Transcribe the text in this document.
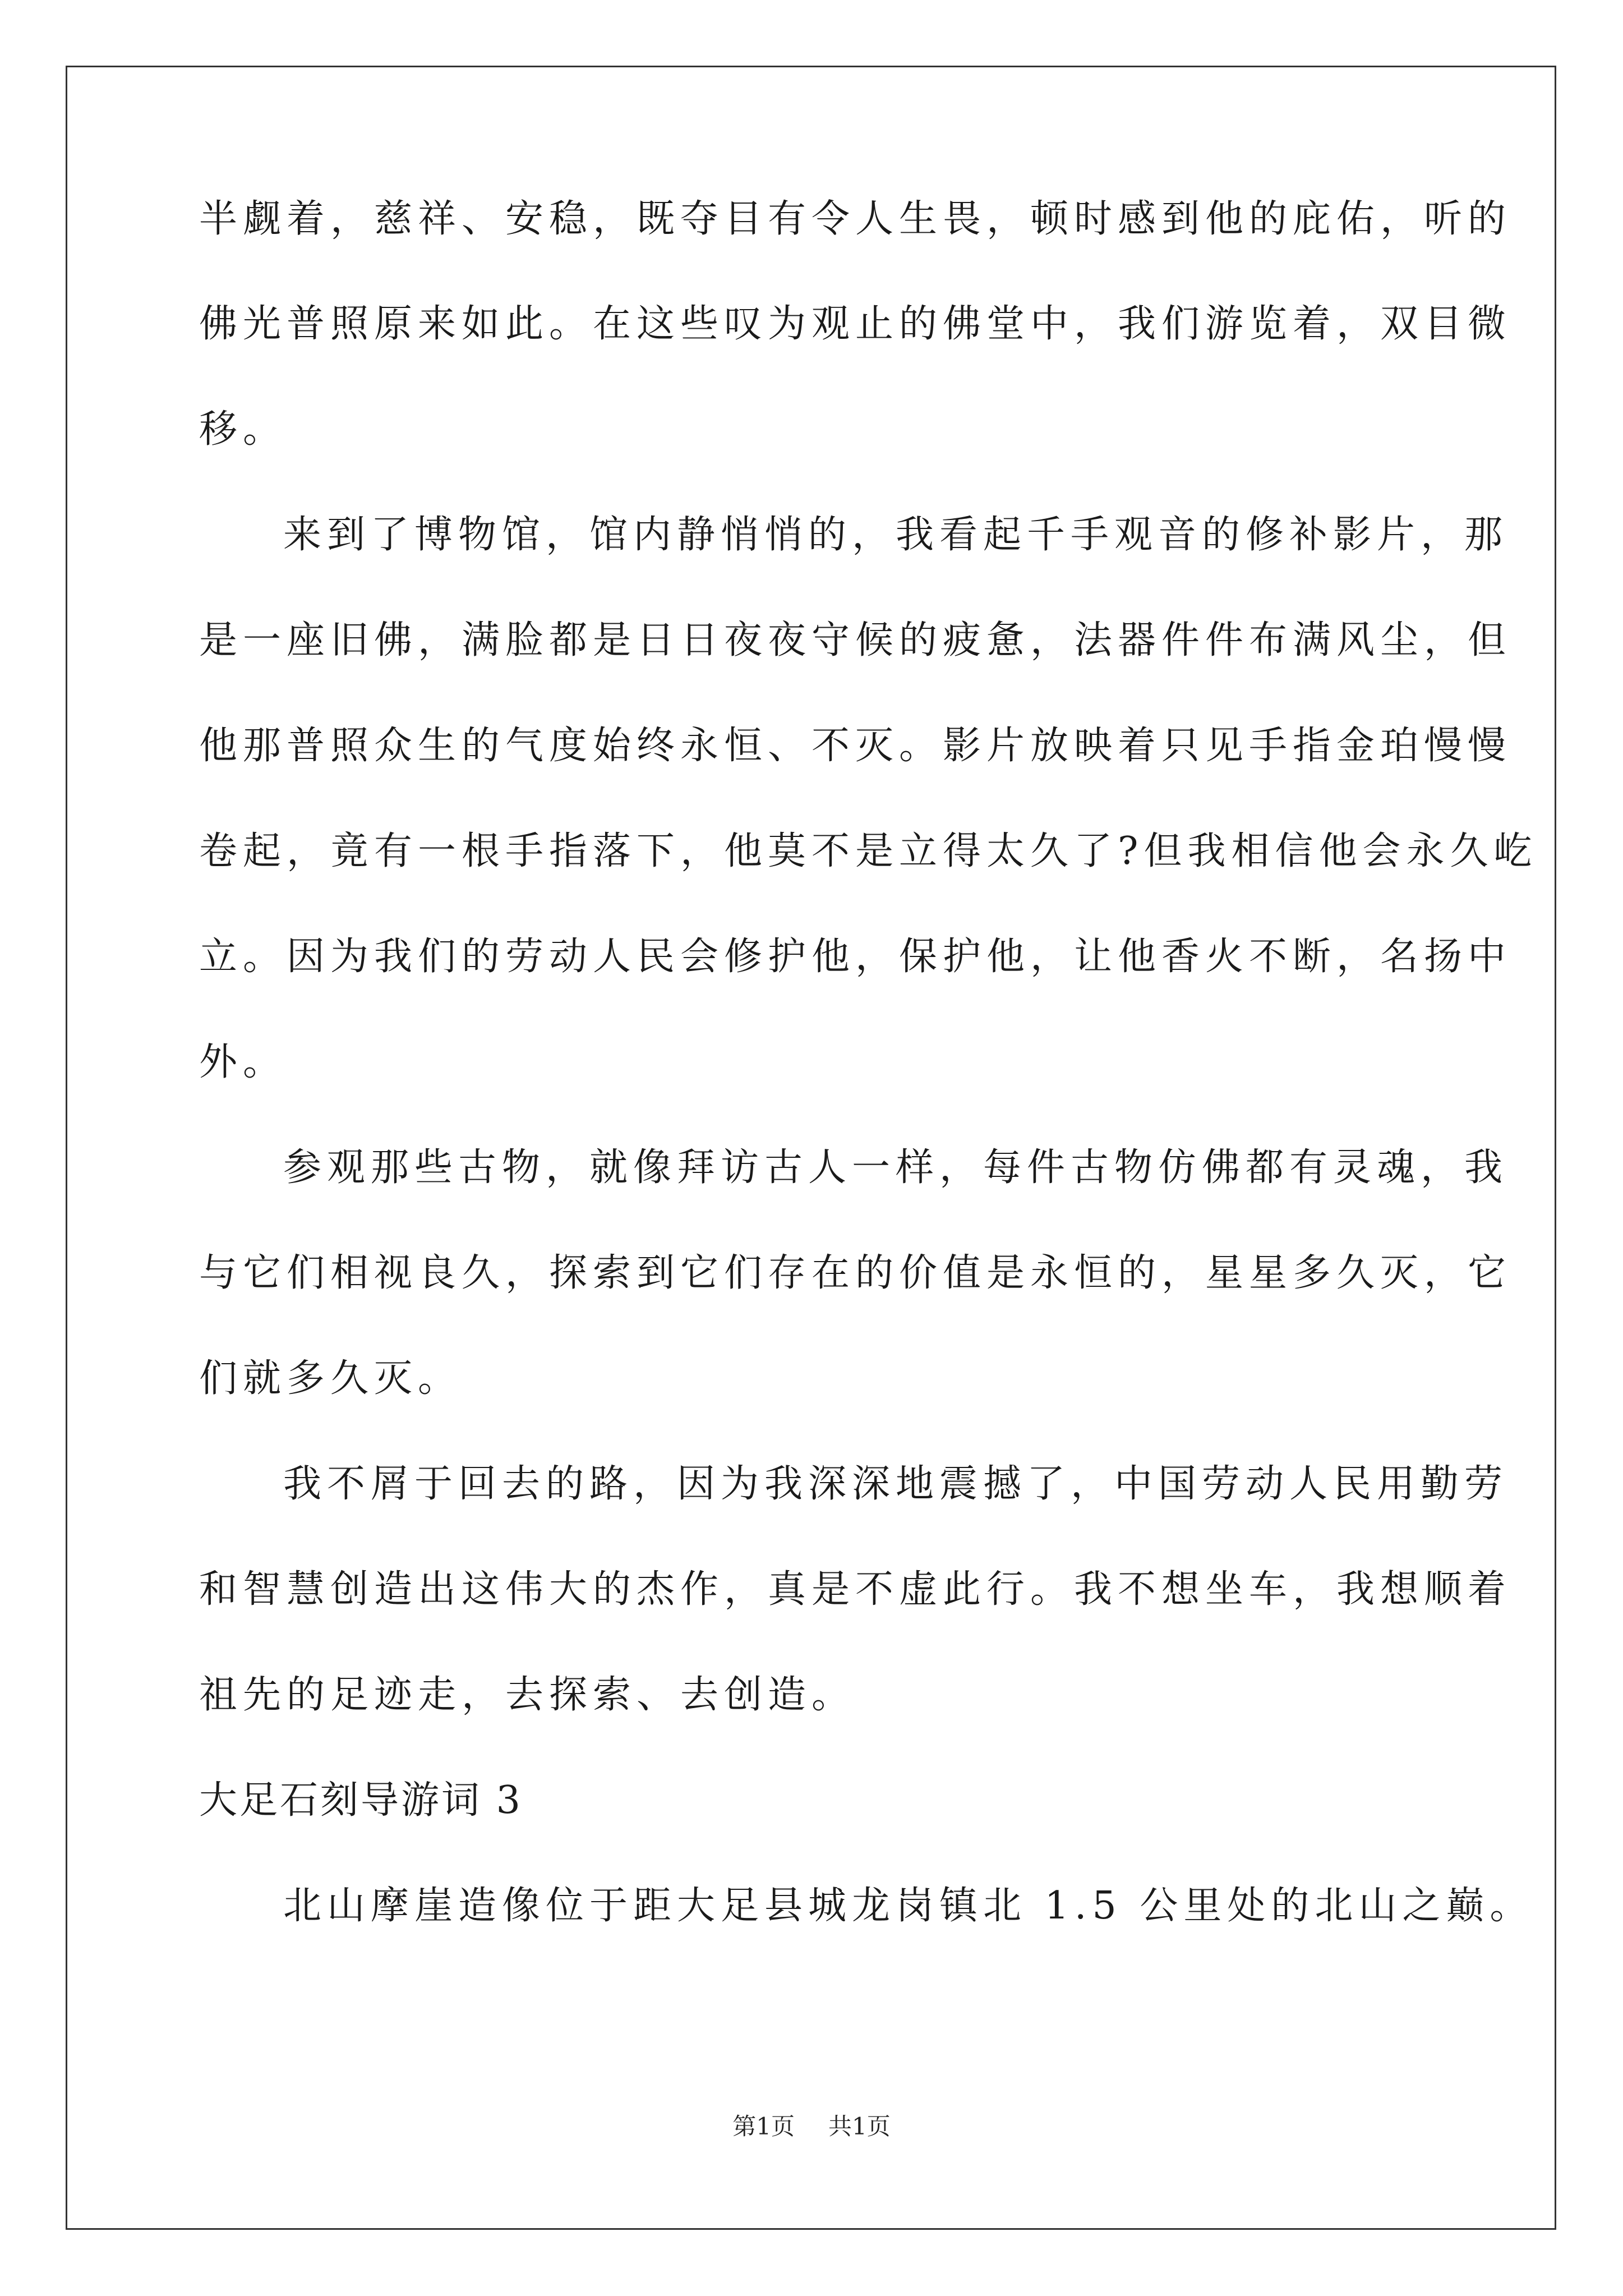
半觑着，慈祥、安稳，既夺目有令人生畏，顿时感到他的庇佑，听的
佛光普照原来如此。在这些叹为观止的佛堂中，我们游览着，双目微
移。
来到了博物馆，馆内静悄悄的，我看起千手观音的修补影片，那
是一座旧佛，满脸都是日日夜夜守候的疲惫，法器件件布满风尘，但
他那普照众生的气度始终永恒、不灭。影片放映着只见手指金珀慢慢
卷起，竟有一根手指落下，他莫不是立得太久了?但我相信他会永久屹
立。因为我们的劳动人民会修护他，保护他，让他香火不断，名扬中
外。
参观那些古物，就像拜访古人一样，每件古物仿佛都有灵魂，我
与它们相视良久，探索到它们存在的价值是永恒的，星星多久灭，它
们就多久灭。
我不屑于回去的路，因为我深深地震撼了，中国劳动人民用勤劳
和智慧创造出这伟大的杰作，真是不虚此行。我不想坐车，我想顺着
祖先的足迹走，去探索、去创造。
大足石刻导游词 3
北山摩崖造像位于距大足县城龙岗镇北 1.5 公里处的北山之巅。
第1页 共1页
